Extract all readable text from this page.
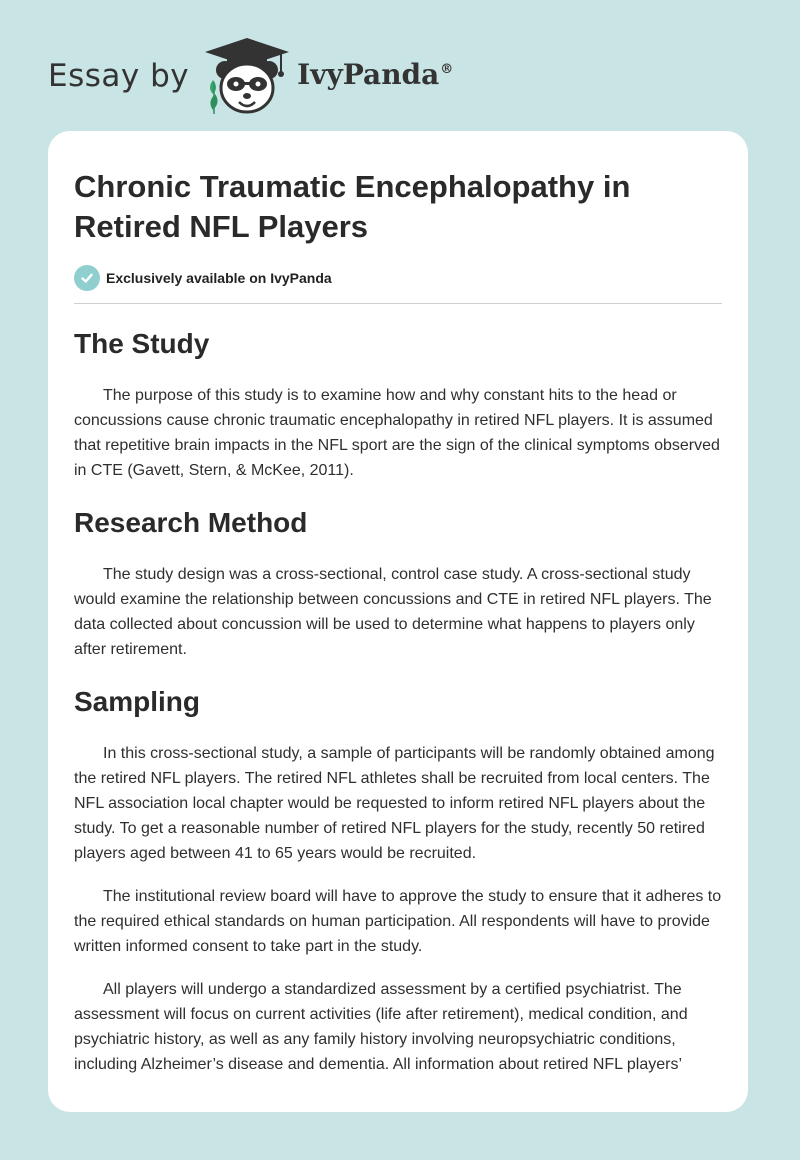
Essay by	IvyPanda®
Chronic Traumatic Encephalopathy in Retired NFL Players
Exclusively available on IvyPanda
The Study

The purpose of this study is to examine how and why constant hits to the head or concussions cause chronic traumatic encephalopathy in retired NFL players. It is assumed that repetitive brain impacts in the NFL sport are the sign of the clinical symptoms observed in CTE (Gavett, Stern, & McKee, 2011).

Research Method

The study design was a cross-sectional, control case study. A cross-sectional study would examine the relationship between concussions and CTE in retired NFL players. The data collected about concussion will be used to determine what happens to players only after retirement.

Sampling

In this cross-sectional study, a sample of participants will be randomly obtained among the retired NFL players. The retired NFL athletes shall be recruited from local centers. The NFL association local chapter would be requested to inform retired NFL players about the study. To get a reasonable number of retired NFL players for the study, recently 50 retired players aged between 41 to 65 years would be recruited.

The institutional review board will have to approve the study to ensure that it adheres to the required ethical standards on human participation. All respondents will have to provide written informed consent to take part in the study.

All players will undergo a standardized assessment by a certified psychiatrist. The assessment will focus on current activities (life after retirement), medical condition, and psychiatric history, as well as any family history involving neuropsychiatric conditions, including Alzheimer’s disease and dementia. All information about retired NFL players’
